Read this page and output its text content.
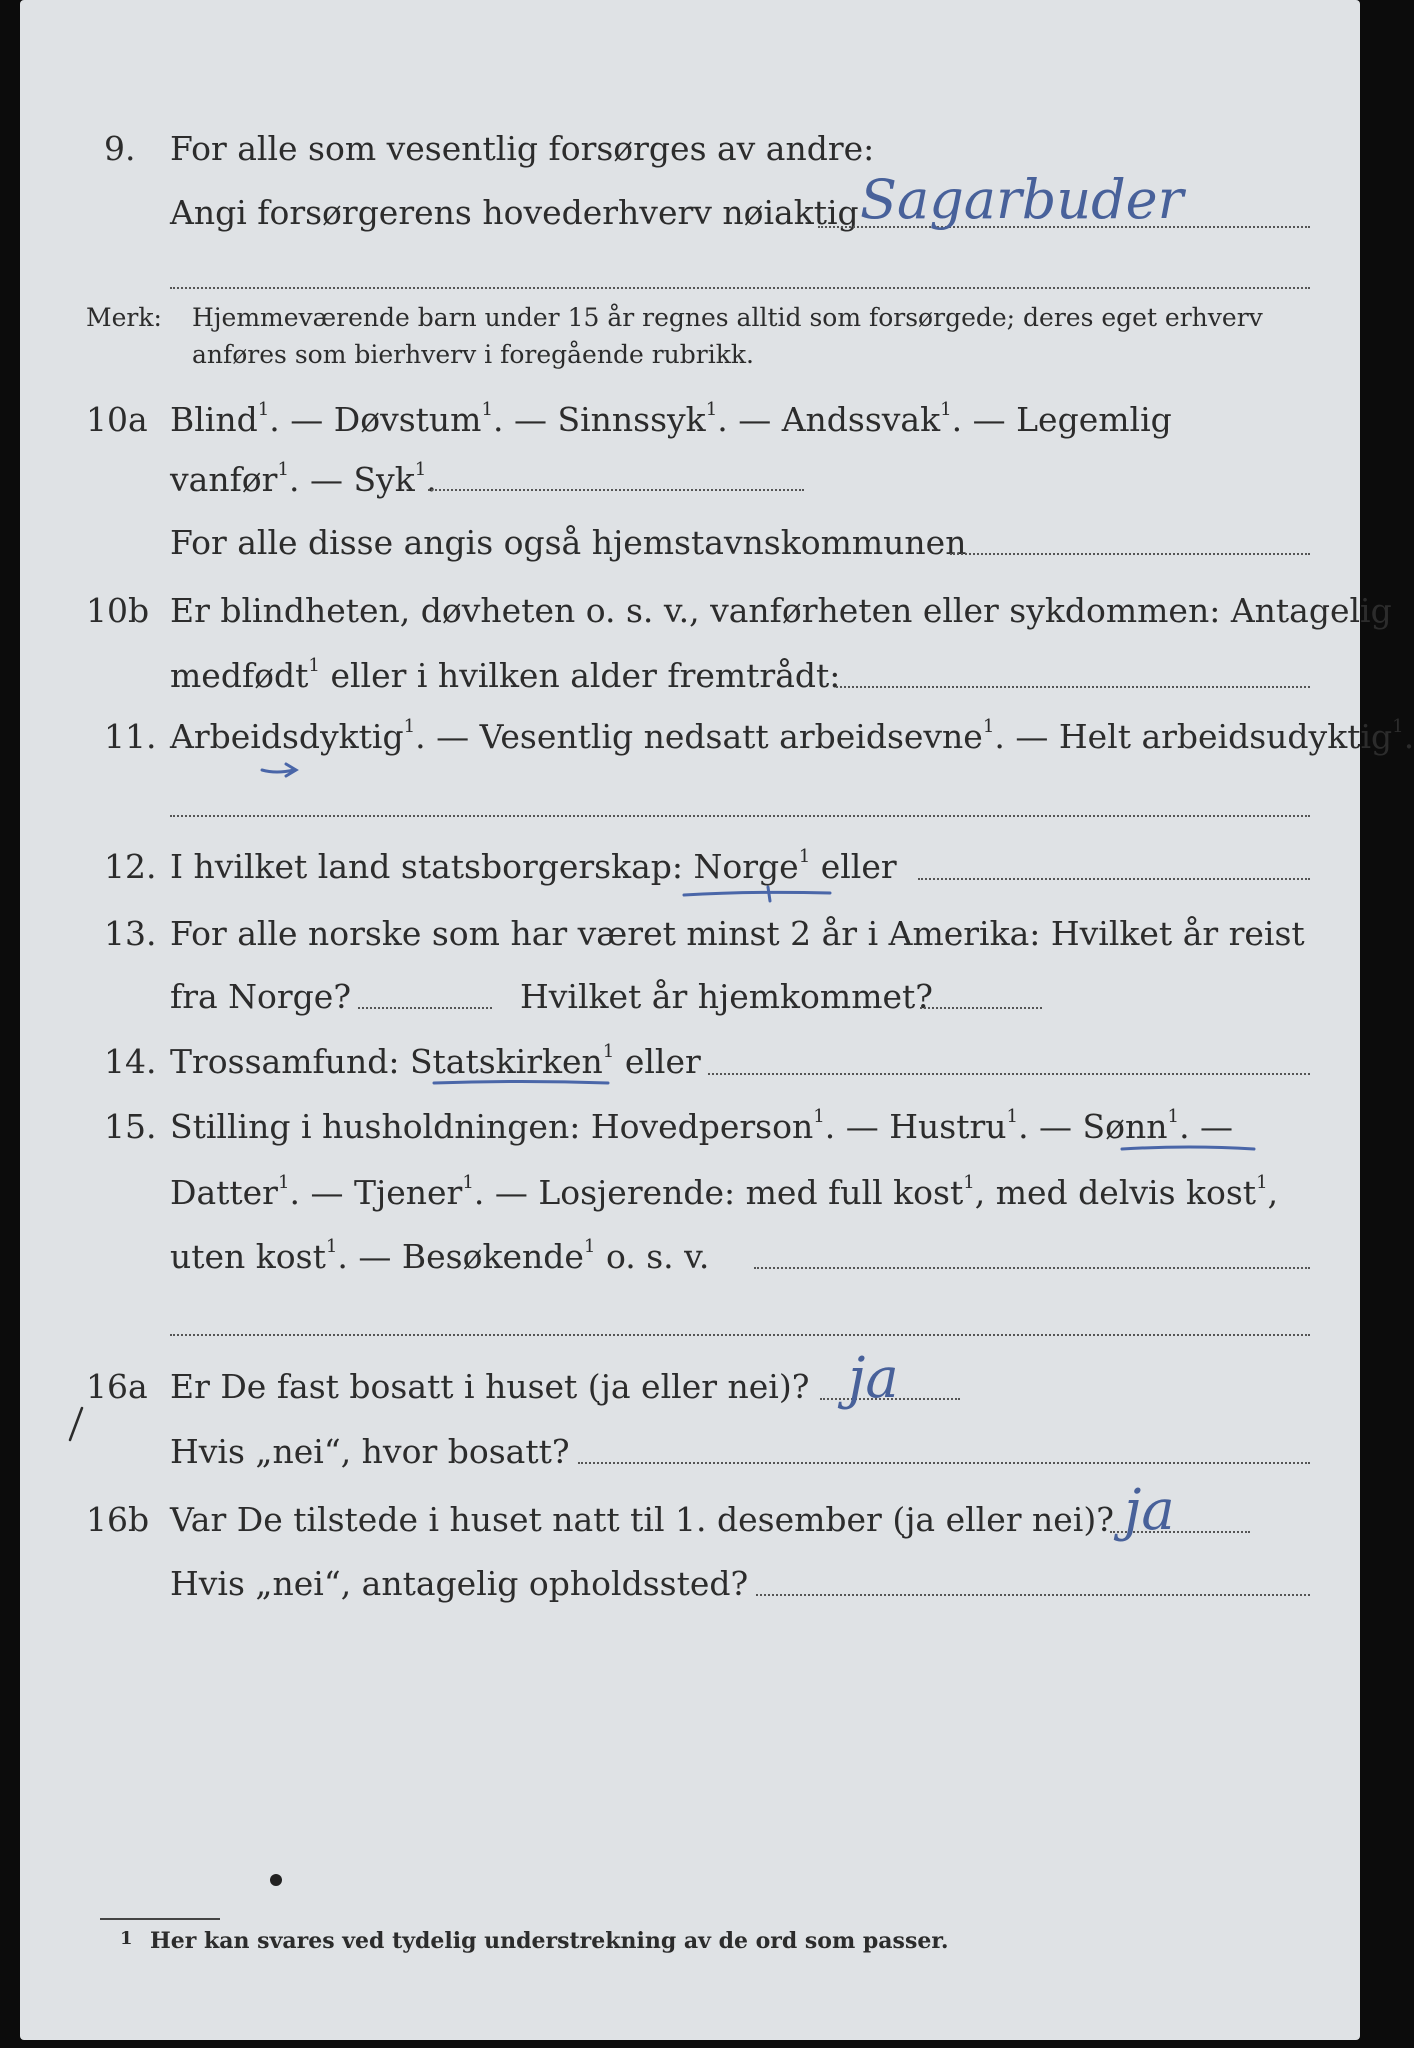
9. For alle som vesentlig forsørges av andre:
Angi forsørgerens hovederhverv nøiaktig Sagarbuder
Merk: Hjemmeværende barn under 15 år regnes alltid som forsørgede; deres eget erhverv
anføres som bierhverv i foregående rubrikk.
10a Blind$^1$. — Døvstum$^1$. — Sinnssyk$^1$. — Andssvak$^1$. — Legemlig
vanfør$^1$. — Syk$^1$.
For alle disse angis også hjemstavnskommunen
10b Er blindheten, døvheten o. s. v., vanførheten eller sykdommen: Antagelig
medfødt$^1$ eller i hvilken alder fremtrådt:
11. Arbeidsdyktig$^1$. — Vesentlig nedsatt arbeidsevne$^1$. — Helt arbeidsudyktig$^1$.
12. I hvilket land statsborgerskap: Norge$^1$ eller
13. For alle norske som har været minst 2 år i Amerika: Hvilket år reist
fra Norge?	Hvilket år hjemkommet?
14. Trossamfund: Statskirken$^1$ eller
15. Stilling i husholdningen: Hovedperson$^1$. — Hustru$^1$. — Sønn$^1$. —
Datter$^1$. — Tjener$^1$. — Losjerende: med full kost$^1$, med delvis kost$^1$,
uten kost$^1$. — Besøkende$^1$ o. s. v.
16a Er De fast bosatt i huset (ja eller nei)? ja
Hvis „nei“, hvor bosatt?
16b Var De tilstede i huset natt til 1. desember (ja eller nei)? ja
Hvis „nei“, antagelig opholdssted?
1 Her kan svares ved tydelig understrekning av de ord som passer.
